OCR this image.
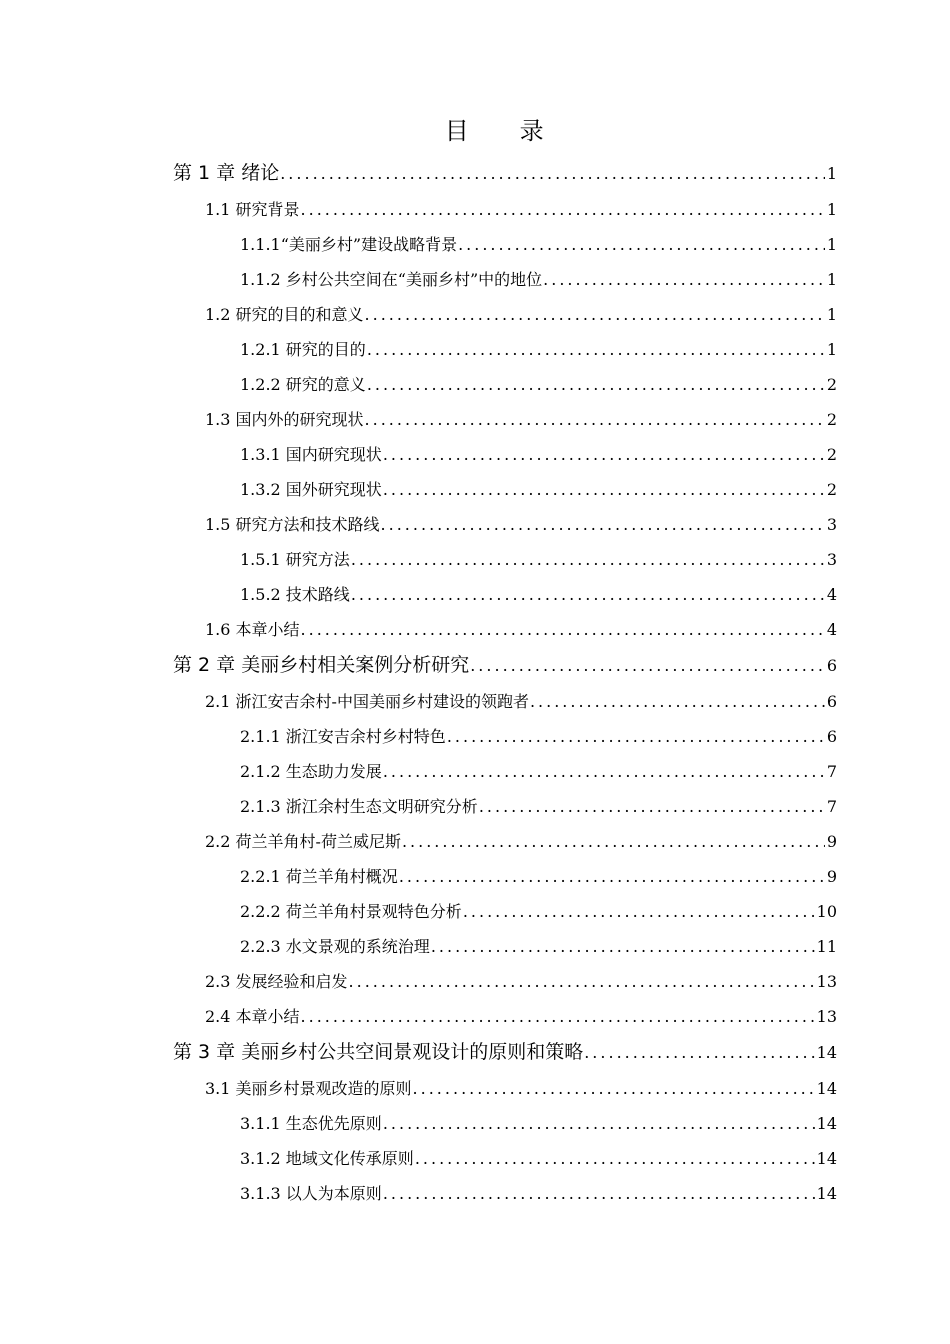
目 录
第 1 章 绪论 .....	1
1.1 研究背景 .....	1
1.1.1“美丽乡村”建设战略背景 .....	1
1.1.2 乡村公共空间在“美丽乡村”中的地位 .....	1
1.2 研究的目的和意义 .....	1
1.2.1 研究的目的 .....	1
1.2.2 研究的意义 .....	2
1.3 国内外的研究现状 .....	2
1.3.1 国内研究现状 .....	2
1.3.2 国外研究现状 .....	2
1.5 研究方法和技术路线 .....	3
1.5.1 研究方法 .....	3
1.5.2 技术路线 .....	4
1.6 本章小结 .....	4
第 2 章 美丽乡村相关案例分析研究 .....	6
2.1 浙江安吉余村-中国美丽乡村建设的领跑者 .....	6
2.1.1 浙江安吉余村乡村特色 .....	6
2.1.2 生态助力发展 .....	7
2.1.3 浙江余村生态文明研究分析 .....	7
2.2 荷兰羊角村-荷兰威尼斯 .....	9
2.2.1 荷兰羊角村概况 .....	9
2.2.2 荷兰羊角村景观特色分析 .....	10
2.2.3 水文景观的系统治理 .....	11
2.3 发展经验和启发 .....	13
2.4 本章小结 .....	13
第 3 章 美丽乡村公共空间景观设计的原则和策略 .....	14
3.1 美丽乡村景观改造的原则 .....	14
3.1.1 生态优先原则 .....	14
3.1.2 地域文化传承原则 .....	14
3.1.3 以人为本原则 .....	14
